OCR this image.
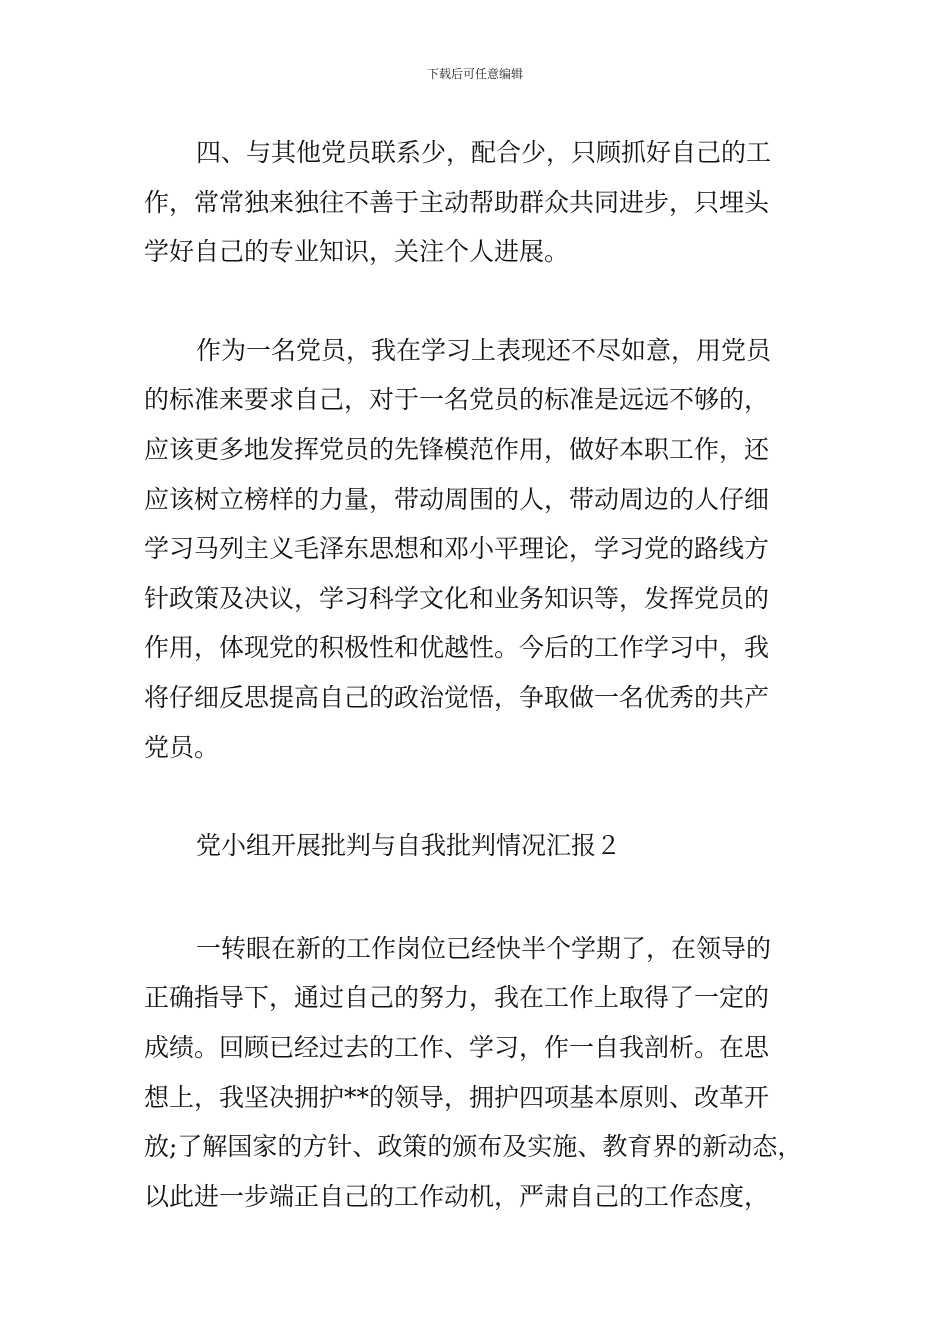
下载后可任意编辑
四、与其他党员联系少，配合少，只顾抓好自己的工
作，常常独来独往不善于主动帮助群众共同进步，只埋头
学好自己的专业知识，关注个人进展。
作为一名党员，我在学习上表现还不尽如意，用党员
的标准来要求自己，对于一名党员的标准是远远不够的，
应该更多地发挥党员的先锋模范作用，做好本职工作，还
应该树立榜样的力量，带动周围的人，带动周边的人仔细
学习马列主义毛泽东思想和邓小平理论，学习党的路线方
针政策及决议，学习科学文化和业务知识等，发挥党员的
作用，体现党的积极性和优越性。今后的工作学习中，我
将仔细反思提高自己的政治觉悟，争取做一名优秀的共产
党员。
党小组开展批判与自我批判情况汇报２
一转眼在新的工作岗位已经快半个学期了，在领导的
正确指导下，通过自己的努力，我在工作上取得了一定的
成绩。回顾已经过去的工作、学习，作一自我剖析。在思
想上，我坚决拥护**的领导，拥护四项基本原则、改革开
放;了解国家的方针、政策的颁布及实施、教育界的新动态，
以此进一步端正自己的工作动机，严肃自己的工作态度，
